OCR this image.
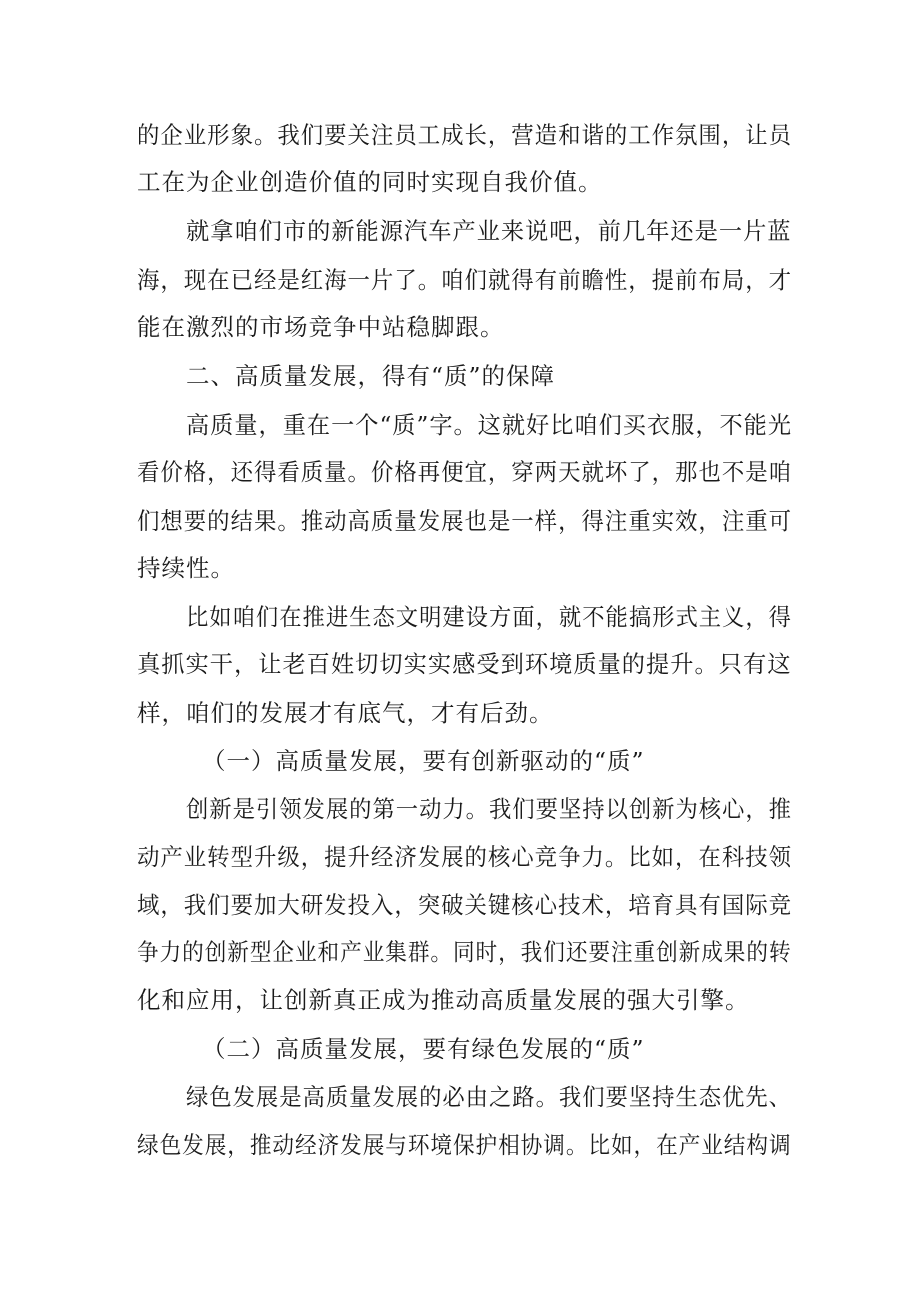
的企业形象。我们要关注员工成长，营造和谐的工作氛围，让员
工在为企业创造价值的同时实现自我价值。
就拿咱们市的新能源汽车产业来说吧，前几年还是一片蓝
海，现在已经是红海一片了。咱们就得有前瞻性，提前布局，才
能在激烈的市场竞争中站稳脚跟。
二、高质量发展，得有“质”的保障
高质量，重在一个“质”字。这就好比咱们买衣服，不能光
看价格，还得看质量。价格再便宜，穿两天就坏了，那也不是咱
们想要的结果。推动高质量发展也是一样，得注重实效，注重可
持续性。
比如咱们在推进生态文明建设方面，就不能搞形式主义，得
真抓实干，让老百姓切切实实感受到环境质量的提升。只有这
样，咱们的发展才有底气，才有后劲。
（一）高质量发展，要有创新驱动的“质”
创新是引领发展的第一动力。我们要坚持以创新为核心，推
动产业转型升级，提升经济发展的核心竞争力。比如，在科技领
域，我们要加大研发投入，突破关键核心技术，培育具有国际竞
争力的创新型企业和产业集群。同时，我们还要注重创新成果的转
化和应用，让创新真正成为推动高质量发展的强大引擎。
（二）高质量发展，要有绿色发展的“质”
绿色发展是高质量发展的必由之路。我们要坚持生态优先、
绿色发展，推动经济发展与环境保护相协调。比如，在产业结构调
